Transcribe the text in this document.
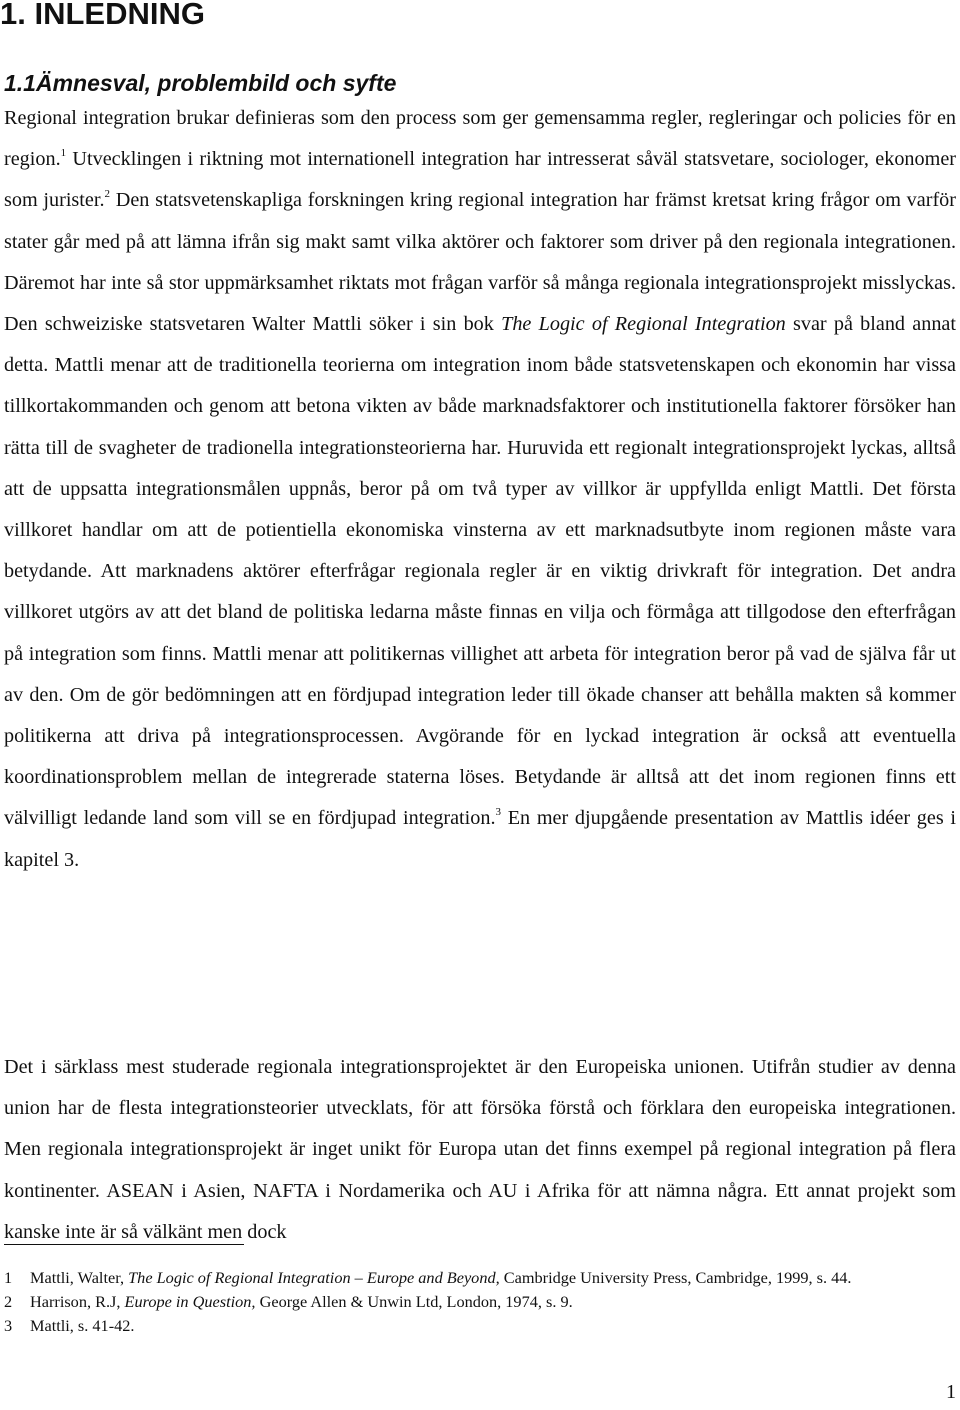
1. INLEDNING
1.1Ämnesval, problembild och syfte

Regional integration brukar definieras som den process som ger gemensamma regler, regleringar och policies för en region.$^1$ Utvecklingen i riktning mot internationell integration har intresserat såväl statsvetare, sociologer, ekonomer som jurister.$^2$ Den statsvetenskapliga forskningen kring regional integration har främst kretsat kring frågor om varför stater går med på att lämna ifrån sig makt samt vilka aktörer och faktorer som driver på den regionala integrationen. Däremot har inte så stor uppmärksamhet riktats mot frågan varför så många regionala integrationsprojekt misslyckas. Den schweiziske statsvetaren Walter Mattli söker i sin bok The Logic of Regional Integration svar på bland annat detta. Mattli menar att de traditionella teorierna om integration inom både statsvetenskapen och ekonomin har vissa tillkortakommanden och genom att betona vikten av både marknadsfaktorer och institutionella faktorer försöker han rätta till de svagheter de tradionella integrationsteorierna har. Huruvida ett regionalt integrationsprojekt lyckas, alltså att de uppsatta integrationsmålen uppnås, beror på om två typer av villkor är uppfyllda enligt Mattli. Det första villkoret handlar om att de potientiella ekonomiska vinsterna av ett marknadsutbyte inom regionen måste vara betydande. Att marknadens aktörer efterfrågar regionala regler är en viktig drivkraft för integration. Det andra villkoret utgörs av att det bland de politiska ledarna måste finnas en vilja och förmåga att tillgodose den efterfrågan på integration som finns. Mattli menar att politikernas villighet att arbeta för integration beror på vad de själva får ut av den. Om de gör bedömningen att en fördjupad integration leder till ökade chanser att behålla makten så kommer politikerna att driva på integrationsprocessen. Avgörande för en lyckad integration är också att eventuella koordinationsproblem mellan de integrerade staterna löses. Betydande är alltså att det inom regionen finns ett välvilligt ledande land som vill se en fördjupad integration.$^3$ En mer djupgående presentation av Mattlis idéer ges i kapitel 3.

Det i särklass mest studerade regionala integrationsprojektet är den Europeiska unionen. Utifrån studier av denna union har de flesta integrationsteorier utvecklats, för att försöka förstå och förklara den europeiska integrationen. Men regionala integrationsprojekt är inget unikt för Europa utan det finns exempel på regional integration på flera kontinenter. ASEAN i Asien, NAFTA i Nordamerika och AU i Afrika för att nämna några. Ett annat projekt som kanske inte är så välkänt men dock

1 Mattli, Walter, The Logic of Regional Integration – Europe and Beyond, Cambridge University Press, Cambridge, 1999, s. 44.
2 Harrison, R.J, Europe in Question, George Allen & Unwin Ltd, London, 1974, s. 9.
3 Mattli, s. 41-42.
1
